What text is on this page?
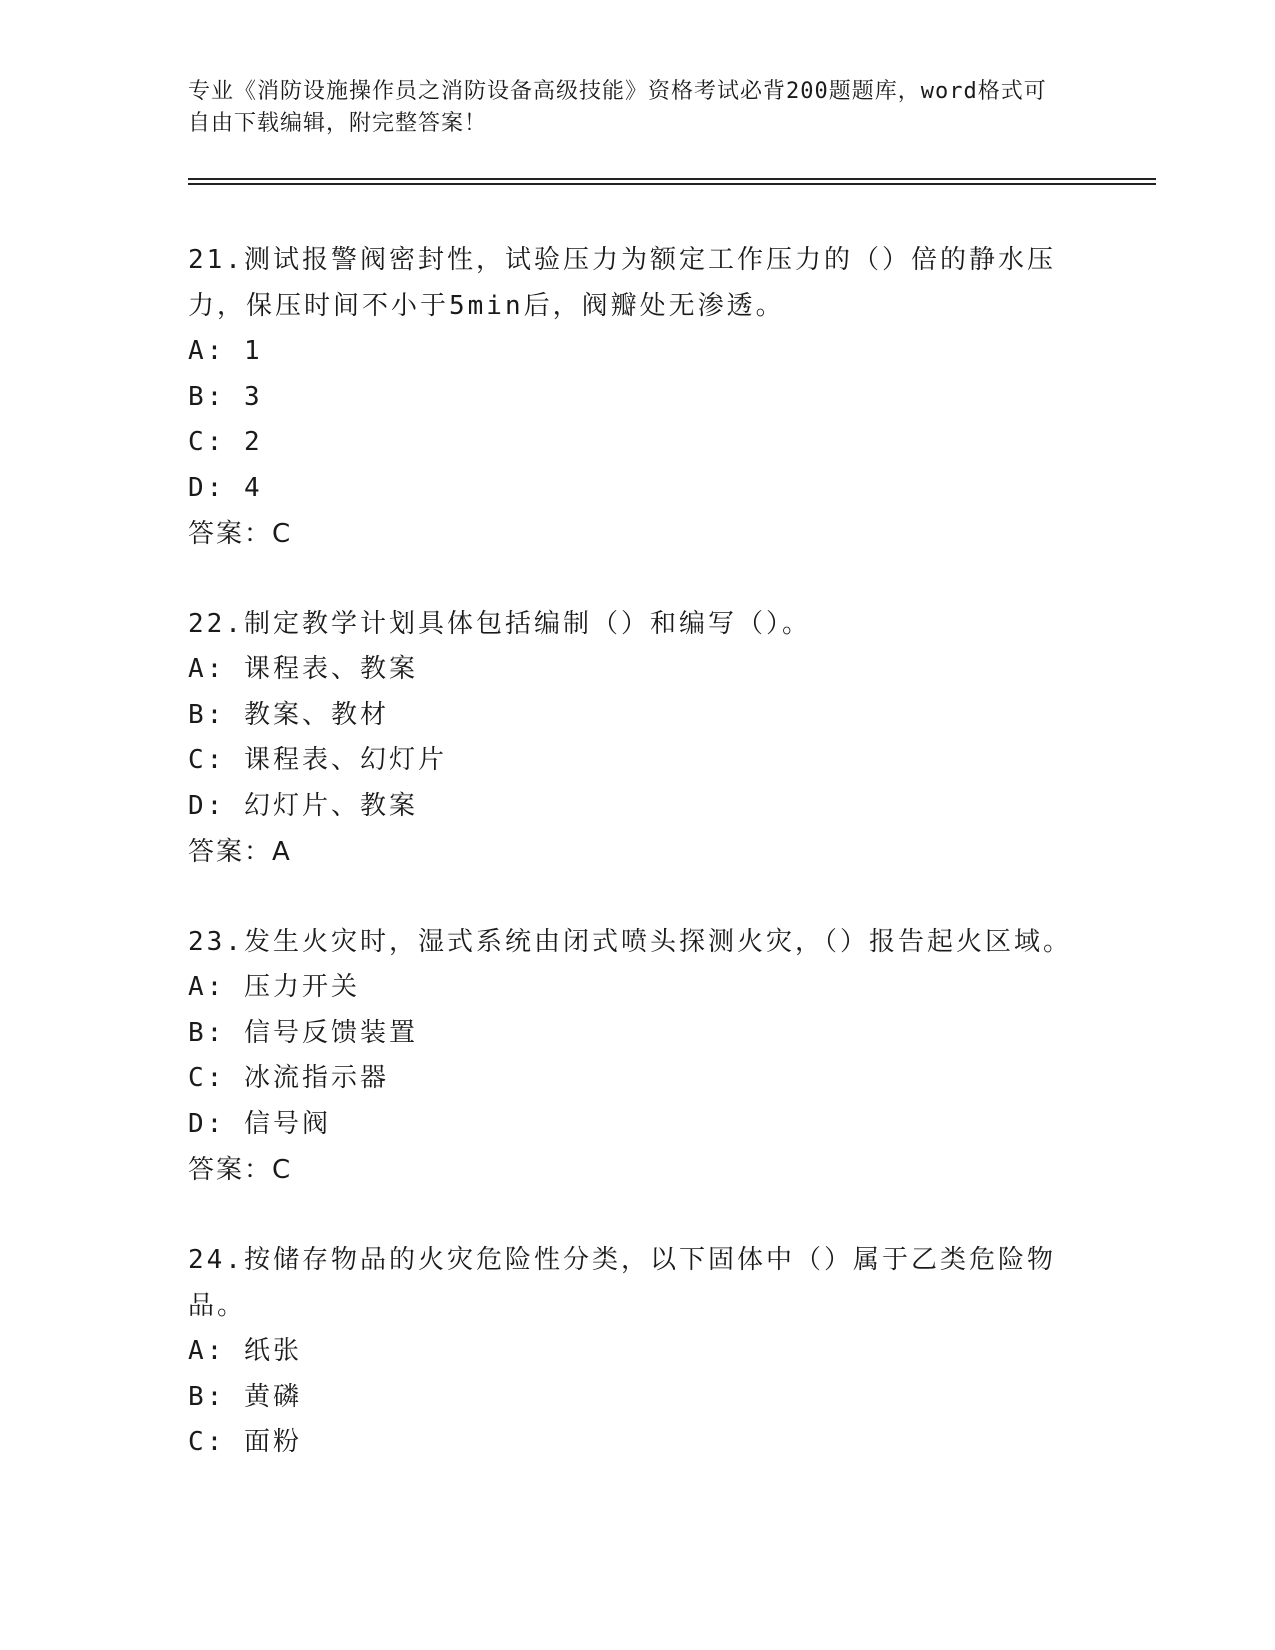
专业《消防设施操作员之消防设备高级技能》资格考试必背200题题库，word格式可自由下载编辑，附完整答案！

21.测试报警阀密封性，试验压力为额定工作压力的（）倍的静水压力，保压时间不小于5min后，阀瓣处无渗透。

A: 1

B: 3

C: 2

D: 4

答案：C

22.制定教学计划具体包括编制（）和编写（）。

A: 课程表、教案

B: 教案、教材

C: 课程表、幻灯片

D: 幻灯片、教案

答案：A

23.发生火灾时，湿式系统由闭式喷头探测火灾，（）报告起火区域。

A: 压力开关

B: 信号反馈装置

C: 冰流指示器

D: 信号阀

答案：C

24.按储存物品的火灾危险性分类，以下固体中（）属于乙类危险物品。

A: 纸张

B: 黄磷

C: 面粉
